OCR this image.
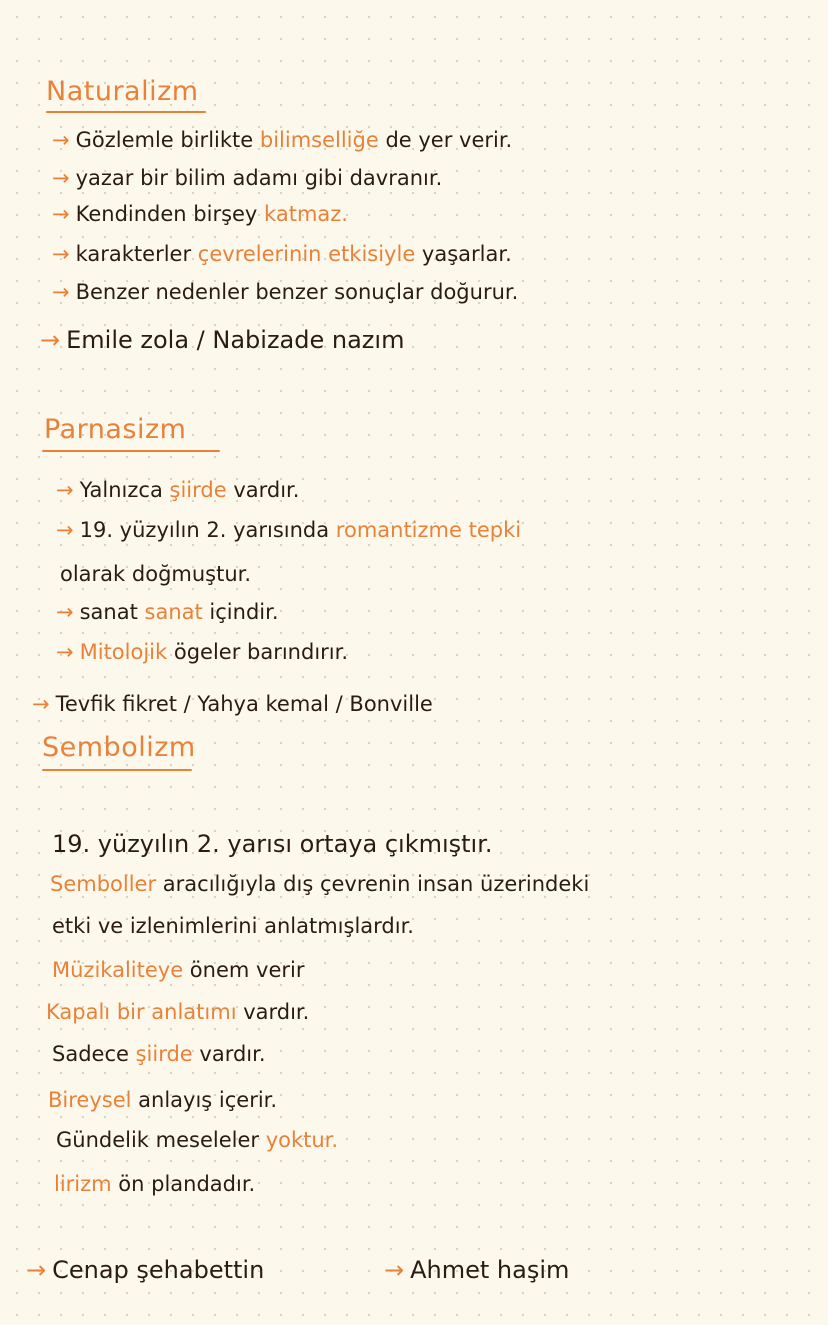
Naturalizm
→ Gözlemle birlikte bilimselliğe de yer verir.
→ yazar bir bilim adamı gibi davranır.
→ Kendinden birşey katmaz.
→ karakterler çevrelerinin etkisiyle yaşarlar.
→ Benzer nedenler benzer sonuçlar doğurur.
→ Emile zola / Nabizade nazım
Parnasizm
→ Yalnızca şiirde vardır.
→ 19. yüzyılın 2. yarısında romantizme tepki
olarak doğmuştur.
→ sanat sanat içindir.
→ Mitolojik ögeler barındırır.
→ Tevfik fikret / Yahya kemal / Bonville
Sembolizm
19. yüzyılın 2. yarısı ortaya çıkmıştır.
Semboller aracılığıyla dış çevrenin insan üzerindeki
etki ve izlenimlerini anlatmışlardır.
Müzikaliteye önem verir
Kapalı bir anlatımı vardır.
Sadece şiirde vardır.
Bireysel anlayış içerir.
Gündelik meseleler yoktur.
lirizm ön plandadır.
→ Cenap şehabettin	→ Ahmet haşim
